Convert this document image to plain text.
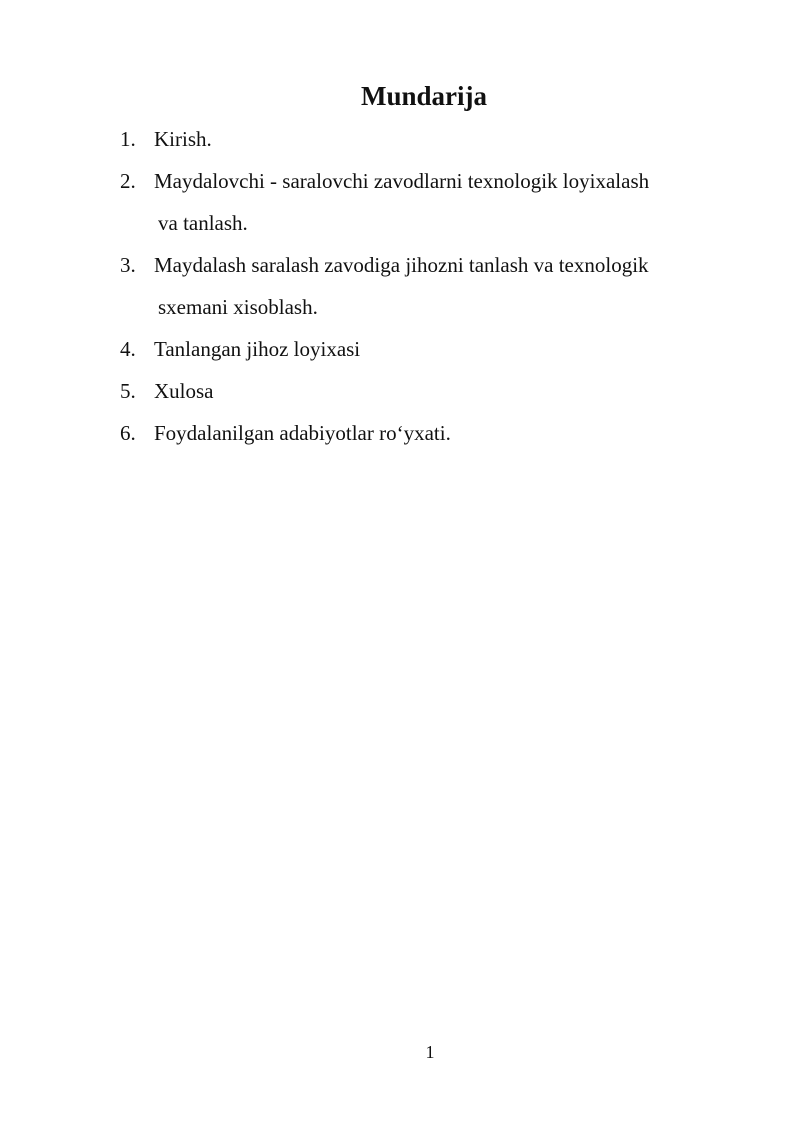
Mundarija
1. Kirish.
2. Maydalovchi - saralovchi zavodlarni texnologik loyixalash
va tanlash.
3. Maydalash saralash zavodiga jihozni tanlash va texnologik
sxemani xisoblash.
4. Tanlangan jihoz loyixasi
5. Xulosa
6. Foydalanilgan adabiyotlar ro‘yxati.
1
